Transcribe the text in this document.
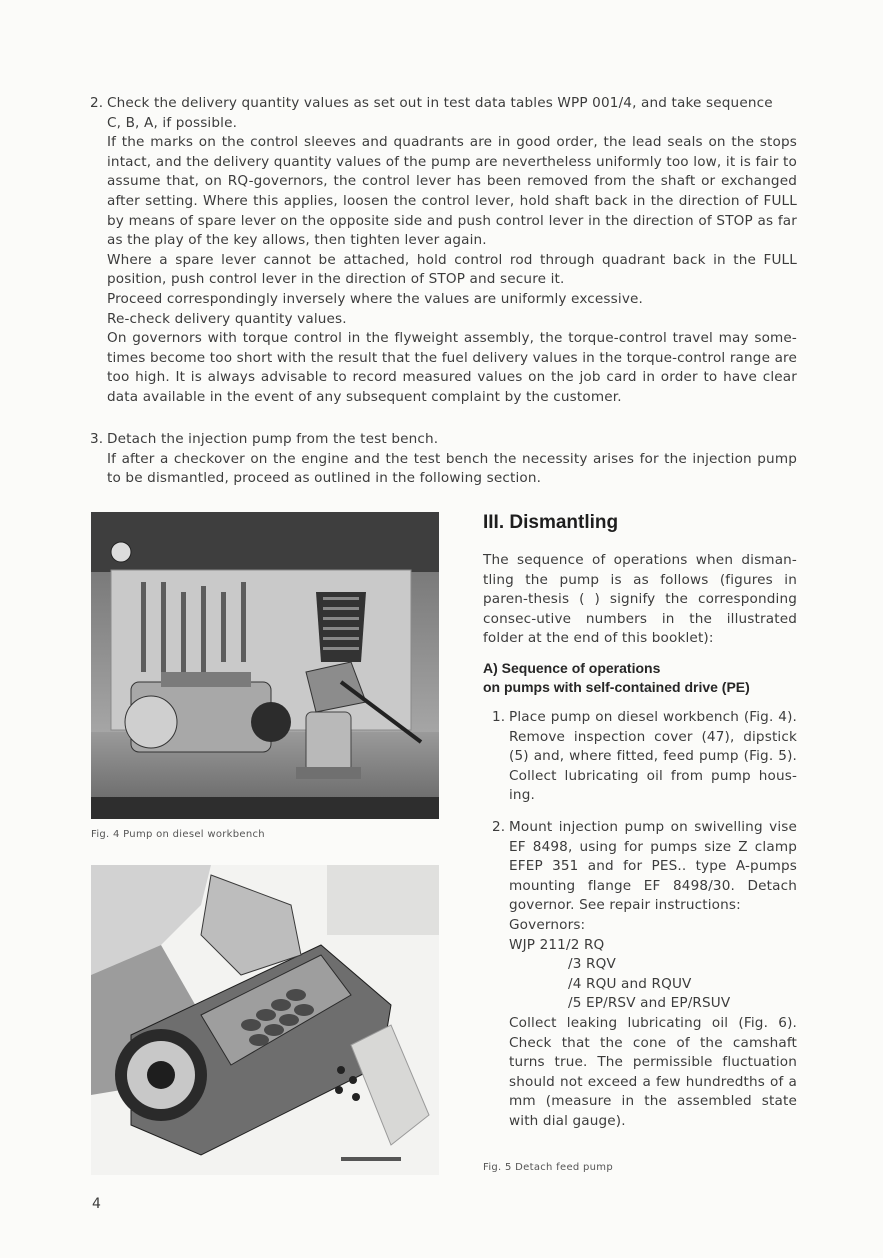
2. Check the delivery quantity values as set out in test data tables WPP 001/4, and take sequence

C, B, A, if possible.

If the marks on the control sleeves and quadrants are in good order, the lead seals on the stops intact, and the delivery quantity values of the pump are nevertheless uniformly too low, it is fair to assume that, on RQ-governors, the control lever has been removed from the shaft or exchanged after setting. Where this applies, loosen the control lever, hold shaft back in the direction of FULL by means of spare lever on the opposite side and push control lever in the direction of STOP as far as the play of the key allows, then tighten lever again.

Where a spare lever cannot be attached, hold control rod through quadrant back in the FULL position, push control lever in the direction of STOP and secure it.

Proceed correspondingly inversely where the values are uniformly excessive.

Re-check delivery quantity values.

On governors with torque control in the flyweight assembly, the torque-control travel may some-times become too short with the result that the fuel delivery values in the torque-control range are too high. It is always advisable to record measured values on the job card in order to have clear data available in the event of any subsequent complaint by the customer.

3. Detach the injection pump from the test bench.

If after a checkover on the engine and the test bench the necessity arises for the injection pump to be dismantled, proceed as outlined in the following section.

Fig. 4 Pump on diesel workbench
Fig. 5 Detach feed pump
III. Dismantling

The sequence of operations when disman-tling the pump is as follows (figures in paren-thesis ( ) signify the corresponding consec-utive numbers in the illustrated folder at the end of this booklet):

A) Sequence of operations
on pumps with self-contained drive (PE)
1. Place pump on diesel workbench (Fig. 4). Remove inspection cover (47), dipstick (5) and, where fitted, feed pump (Fig. 5). Collect lubricating oil from pump hous-ing.

2. Mount injection pump on swivelling vise EF 8498, using for pumps size Z clamp EFEP 351 and for PES.. type A-pumps mounting flange EF 8498/30. Detach governor. See repair instructions:

Governors:

WJP 211/2 RQ

/3 RQV

/4 RQU and RQUV

/5 EP/RSV and EP/RSUV

Collect leaking lubricating oil (Fig. 6). Check that the cone of the camshaft turns true. The permissible fluctuation should not exceed a few hundredths of a mm (measure in the assembled state with dial gauge).

4
